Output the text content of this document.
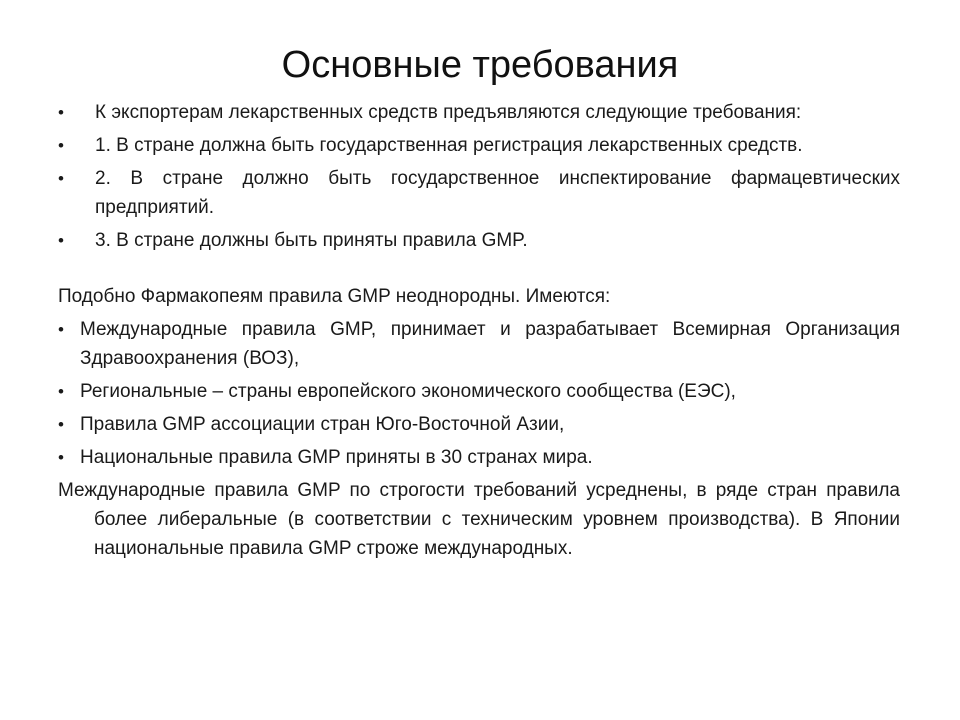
Основные требования
•	К экспортерам лекарственных средств предъявляются следующие требования:
•	1. В стране должна быть государственная регистрация лекарственных средств.
•	2. В стране должно быть государственное инспектирование фармацевтических предприятий.
•	3. В стране должны быть приняты правила GMP.
Подобно Фармакопеям правила GMP неоднородны. Имеются:
• Международные правила GMP, принимает и разрабатывает Всемирная Организация Здравоохранения (ВОЗ),
• Региональные – страны европейского экономического сообщества (ЕЭС),
• Правила GMP ассоциации стран Юго-Восточной Азии,
• Национальные правила GMP приняты в 30 странах мира.
Международные правила GMP по строгости требований усреднены, в ряде стран правила более либеральные (в соответствии с техническим уровнем производства). В Японии национальные правила GMP строже международных.
